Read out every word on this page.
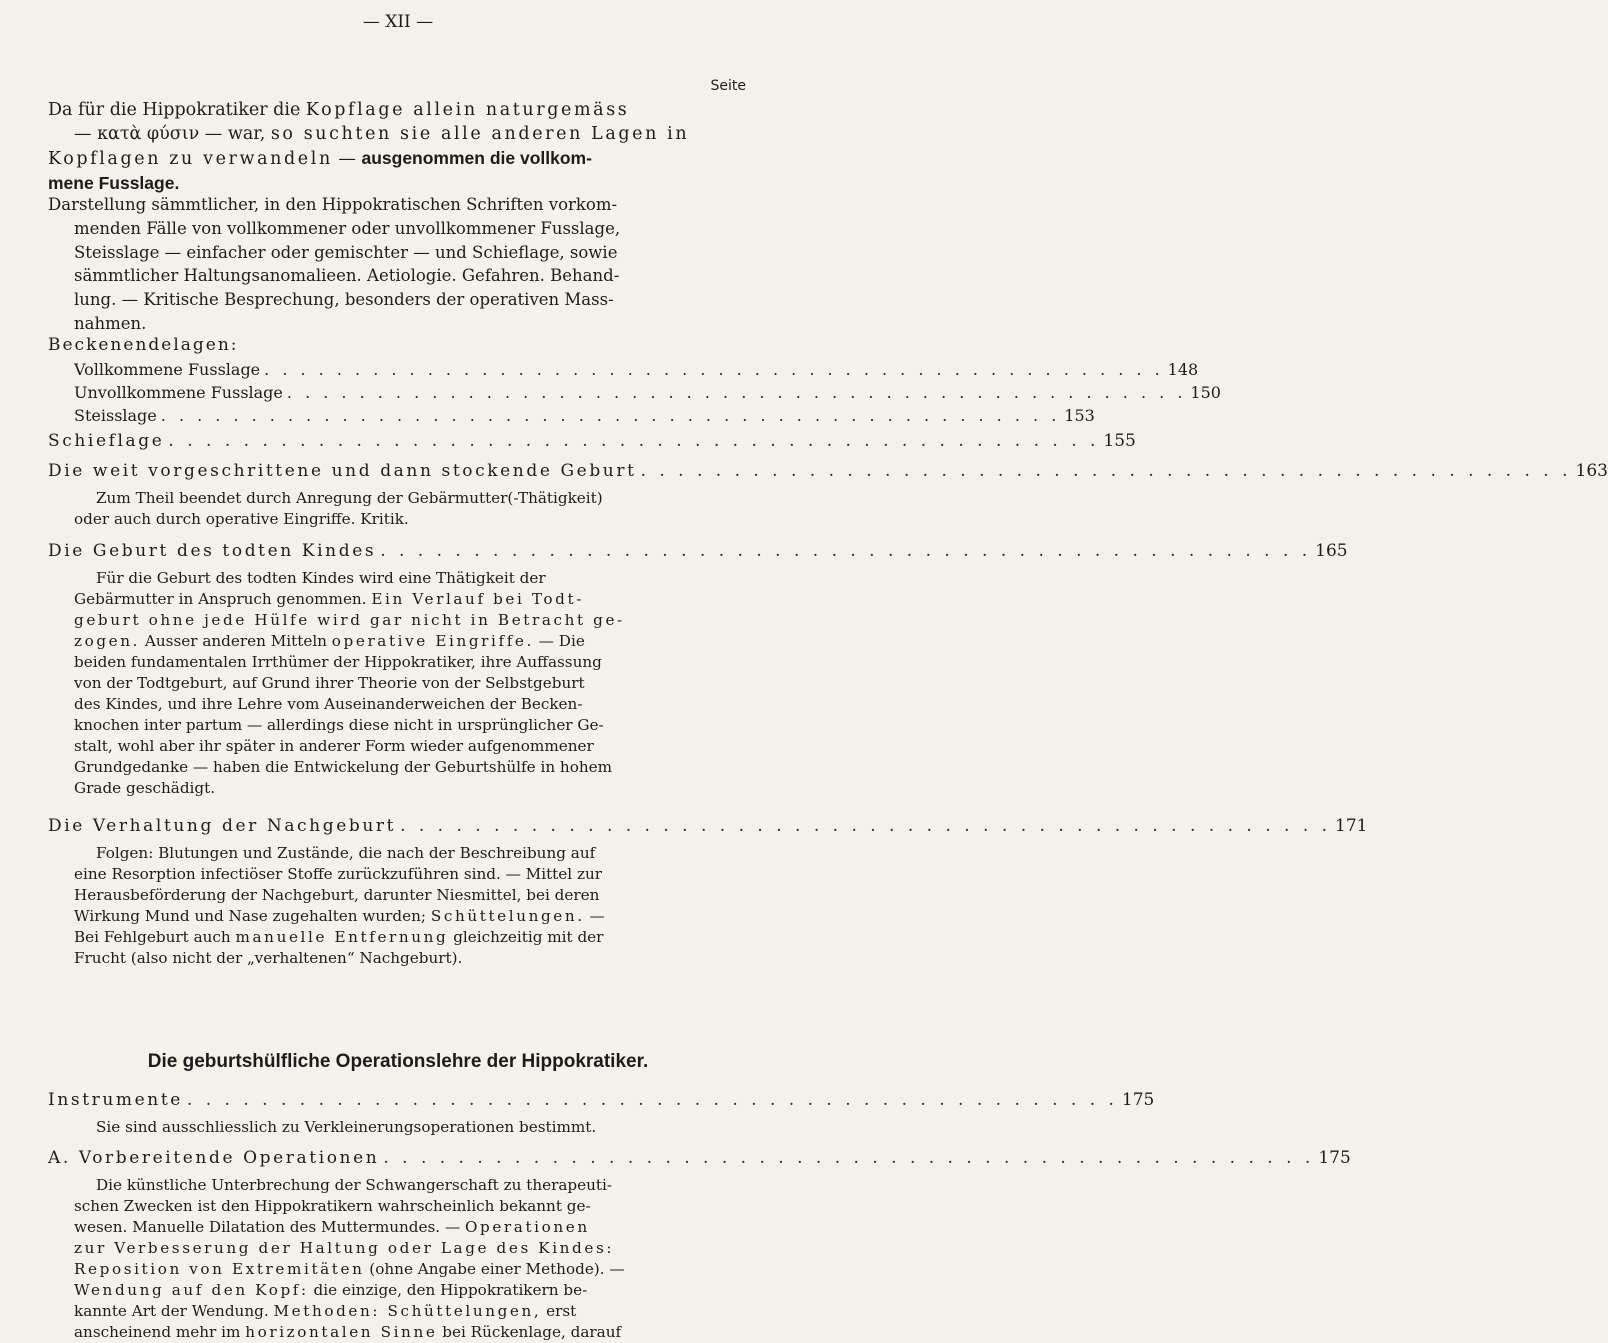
— XII —
Seite
Da für die Hippokratiker die Kopflage allein naturgemäss
— κατὰ φύσιν — war, so suchten sie alle anderen Lagen in
Kopflagen zu verwandeln — ausgenommen die vollkom-
mene Fusslage.
Darstellung sämmtlicher, in den Hippokratischen Schriften vorkom-
menden Fälle von vollkommener oder unvollkommener Fusslage,
Steisslage — einfacher oder gemischter — und Schieflage, sowie
sämmtlicher Haltungsanomalieen. Aetiologie. Gefahren. Behand-
lung. — Kritische Besprechung, besonders der operativen Mass-
nahmen.
Beckenendelagen:
Vollkommene Fusslage . . . . . . . . . . . . . . . . . . . . . . . . . . . . . . . . . . . . . . . . . . . . . . . . . . 148
Unvollkommene Fusslage . . . . . . . . . . . . . . . . . . . . . . . . . . . . . . . . . . . . . . . . . . . . . . . . . . 150
Steisslage . . . . . . . . . . . . . . . . . . . . . . . . . . . . . . . . . . . . . . . . . . . . . . . . . . 153
Schieflage . . . . . . . . . . . . . . . . . . . . . . . . . . . . . . . . . . . . . . . . . . . . . . . . . . 155
Die weit vorgeschrittene und dann stockende Geburt . . . . . . . . . . . . . . . . . . . . . . . . . . . . . . . . . . . . . . . . . . . . . . . . . . 163
Zum Theil beendet durch Anregung der Gebärmutter(-Thätigkeit)
oder auch durch operative Eingriffe. Kritik.
Die Geburt des todten Kindes . . . . . . . . . . . . . . . . . . . . . . . . . . . . . . . . . . . . . . . . . . . . . . . . . . 165
Für die Geburt des todten Kindes wird eine Thätigkeit der
Gebärmutter in Anspruch genommen. Ein Verlauf bei Todt-
geburt ohne jede Hülfe wird gar nicht in Betracht ge-
zogen. Ausser anderen Mitteln operative Eingriffe. — Die
beiden fundamentalen Irrthümer der Hippokratiker, ihre Auffassung
von der Todtgeburt, auf Grund ihrer Theorie von der Selbstgeburt
des Kindes, und ihre Lehre vom Auseinanderweichen der Becken-
knochen inter partum — allerdings diese nicht in ursprünglicher Ge-
stalt, wohl aber ihr später in anderer Form wieder aufgenommener
Grundgedanke — haben die Entwickelung der Geburtshülfe in hohem
Grade geschädigt.
Die Verhaltung der Nachgeburt . . . . . . . . . . . . . . . . . . . . . . . . . . . . . . . . . . . . . . . . . . . . . . . . . . 171
Folgen: Blutungen und Zustände, die nach der Beschreibung auf
eine Resorption infectiöser Stoffe zurückzuführen sind. — Mittel zur
Herausbeförderung der Nachgeburt, darunter Niesmittel, bei deren
Wirkung Mund und Nase zugehalten wurden; Schüttelungen. —
Bei Fehlgeburt auch manuelle Entfernung gleichzeitig mit der
Frucht (also nicht der „verhaltenen“ Nachgeburt).
Die geburtshülfliche Operationslehre der Hippokratiker.
Instrumente . . . . . . . . . . . . . . . . . . . . . . . . . . . . . . . . . . . . . . . . . . . . . . . . . . 175
Sie sind ausschliesslich zu Verkleinerungsoperationen bestimmt.
A. Vorbereitende Operationen . . . . . . . . . . . . . . . . . . . . . . . . . . . . . . . . . . . . . . . . . . . . . . . . . . 175
Die künstliche Unterbrechung der Schwangerschaft zu therapeuti-
schen Zwecken ist den Hippokratikern wahrscheinlich bekannt ge-
wesen. Manuelle Dilatation des Muttermundes. — Operationen
zur Verbesserung der Haltung oder Lage des Kindes:
Reposition von Extremitäten (ohne Angabe einer Methode). —
Wendung auf den Kopf: die einzige, den Hippokratikern be-
kannte Art der Wendung. Methoden: Schüttelungen, erst
anscheinend mehr im horizontalen Sinne bei Rückenlage, darauf
